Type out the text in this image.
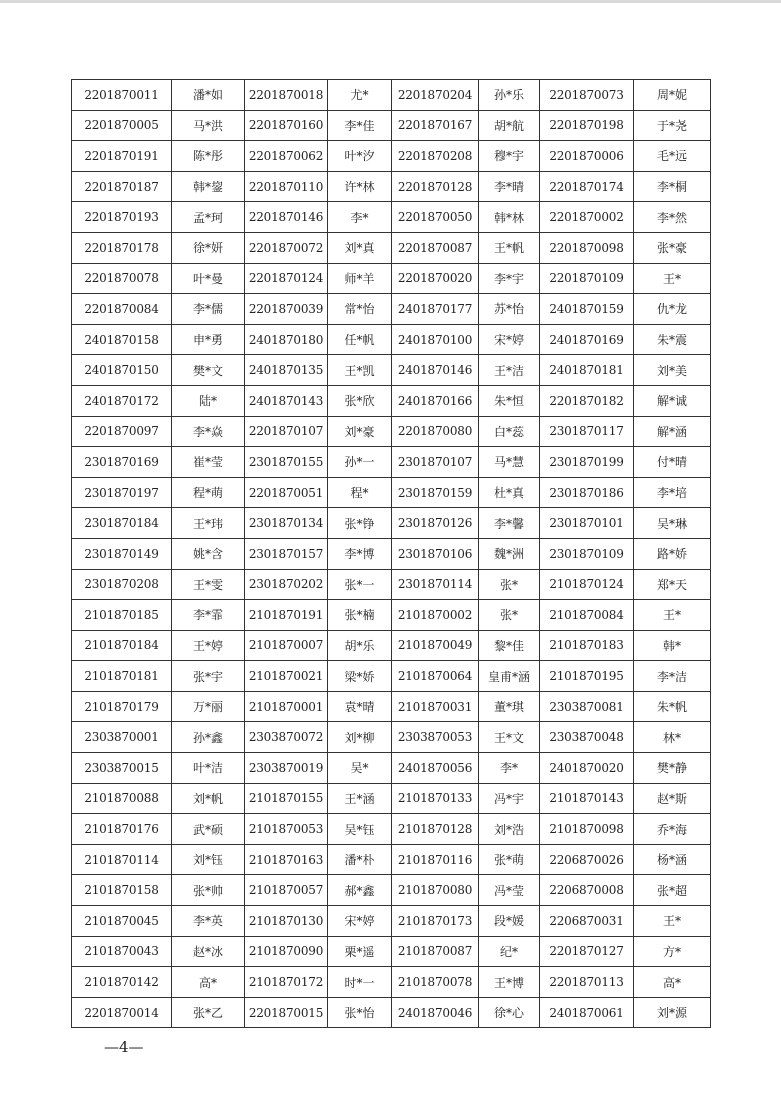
2201870011	潘*如	2201870018	尤*	2201870204	孙*乐	2201870073	周*妮
2201870005	马*洪	2201870160	李*佳	2201870167	胡*航	2201870198	于*尧
2201870191	陈*彤	2201870062	叶*汐	2201870208	穆*宇	2201870006	毛*远
2201870187	韩*鋆	2201870110	许*林	2201870128	李*晴	2201870174	李*桐
2201870193	孟*珂	2201870146	李*	2201870050	韩*林	2201870002	李*然
2201870178	徐*妍	2201870072	刘*真	2201870087	王*帆	2201870098	张*豪
2201870078	叶*曼	2201870124	师*羊	2201870020	李*宇	2201870109	王*
2201870084	李*儒	2201870039	常*怡	2401870177	苏*怡	2401870159	仇*龙
2401870158	申*勇	2401870180	任*帆	2401870100	宋*婷	2401870169	朱*震
2401870150	樊*文	2401870135	王*凯	2401870146	王*洁	2401870181	刘*美
2401870172	陆*	2401870143	张*欣	2401870166	朱*恒	2201870182	解*诚
2201870097	李*焱	2201870107	刘*豪	2201870080	白*蕊	2301870117	解*涵
2301870169	崔*莹	2301870155	孙*一	2301870107	马*慧	2301870199	付*晴
2301870197	程*萌	2201870051	程*	2301870159	杜*真	2301870186	李*培
2301870184	王*玮	2301870134	张*铮	2301870126	李*馨	2301870101	吴*琳
2301870149	姚*含	2301870157	李*博	2301870106	魏*洲	2301870109	路*娇
2301870208	王*雯	2301870202	张*一	2301870114	张*	2101870124	郑*天
2101870185	李*霏	2101870191	张*楠	2101870002	张*	2101870084	王*
2101870184	王*婷	2101870007	胡*乐	2101870049	黎*佳	2101870183	韩*
2101870181	张*宇	2101870021	梁*娇	2101870064	皇甫*涵	2101870195	李*洁
2101870179	万*丽	2101870001	袁*晴	2101870031	董*琪	2303870081	朱*帆
2303870001	孙*鑫	2303870072	刘*柳	2303870053	王*文	2303870048	林*
2303870015	叶*洁	2303870019	吴*	2401870056	李*	2401870020	樊*静
2101870088	刘*帆	2101870155	王*涵	2101870133	冯*宇	2101870143	赵*斯
2101870176	武*硕	2101870053	吴*钰	2101870128	刘*浩	2101870098	乔*海
2101870114	刘*钰	2101870163	潘*朴	2101870116	张*萌	2206870026	杨*涵
2101870158	张*帅	2101870057	郝*鑫	2101870080	冯*莹	2206870008	张*超
2101870045	李*英	2101870130	宋*婷	2101870173	段*媛	2206870031	王*
2101870043	赵*冰	2101870090	栗*遥	2101870087	纪*	2201870127	方*
2101870142	高*	2101870172	时*一	2101870078	王*博	2201870113	高*
2201870014	张*乙	2201870015	张*怡	2401870046	徐*心	2401870061	刘*源
—4—
